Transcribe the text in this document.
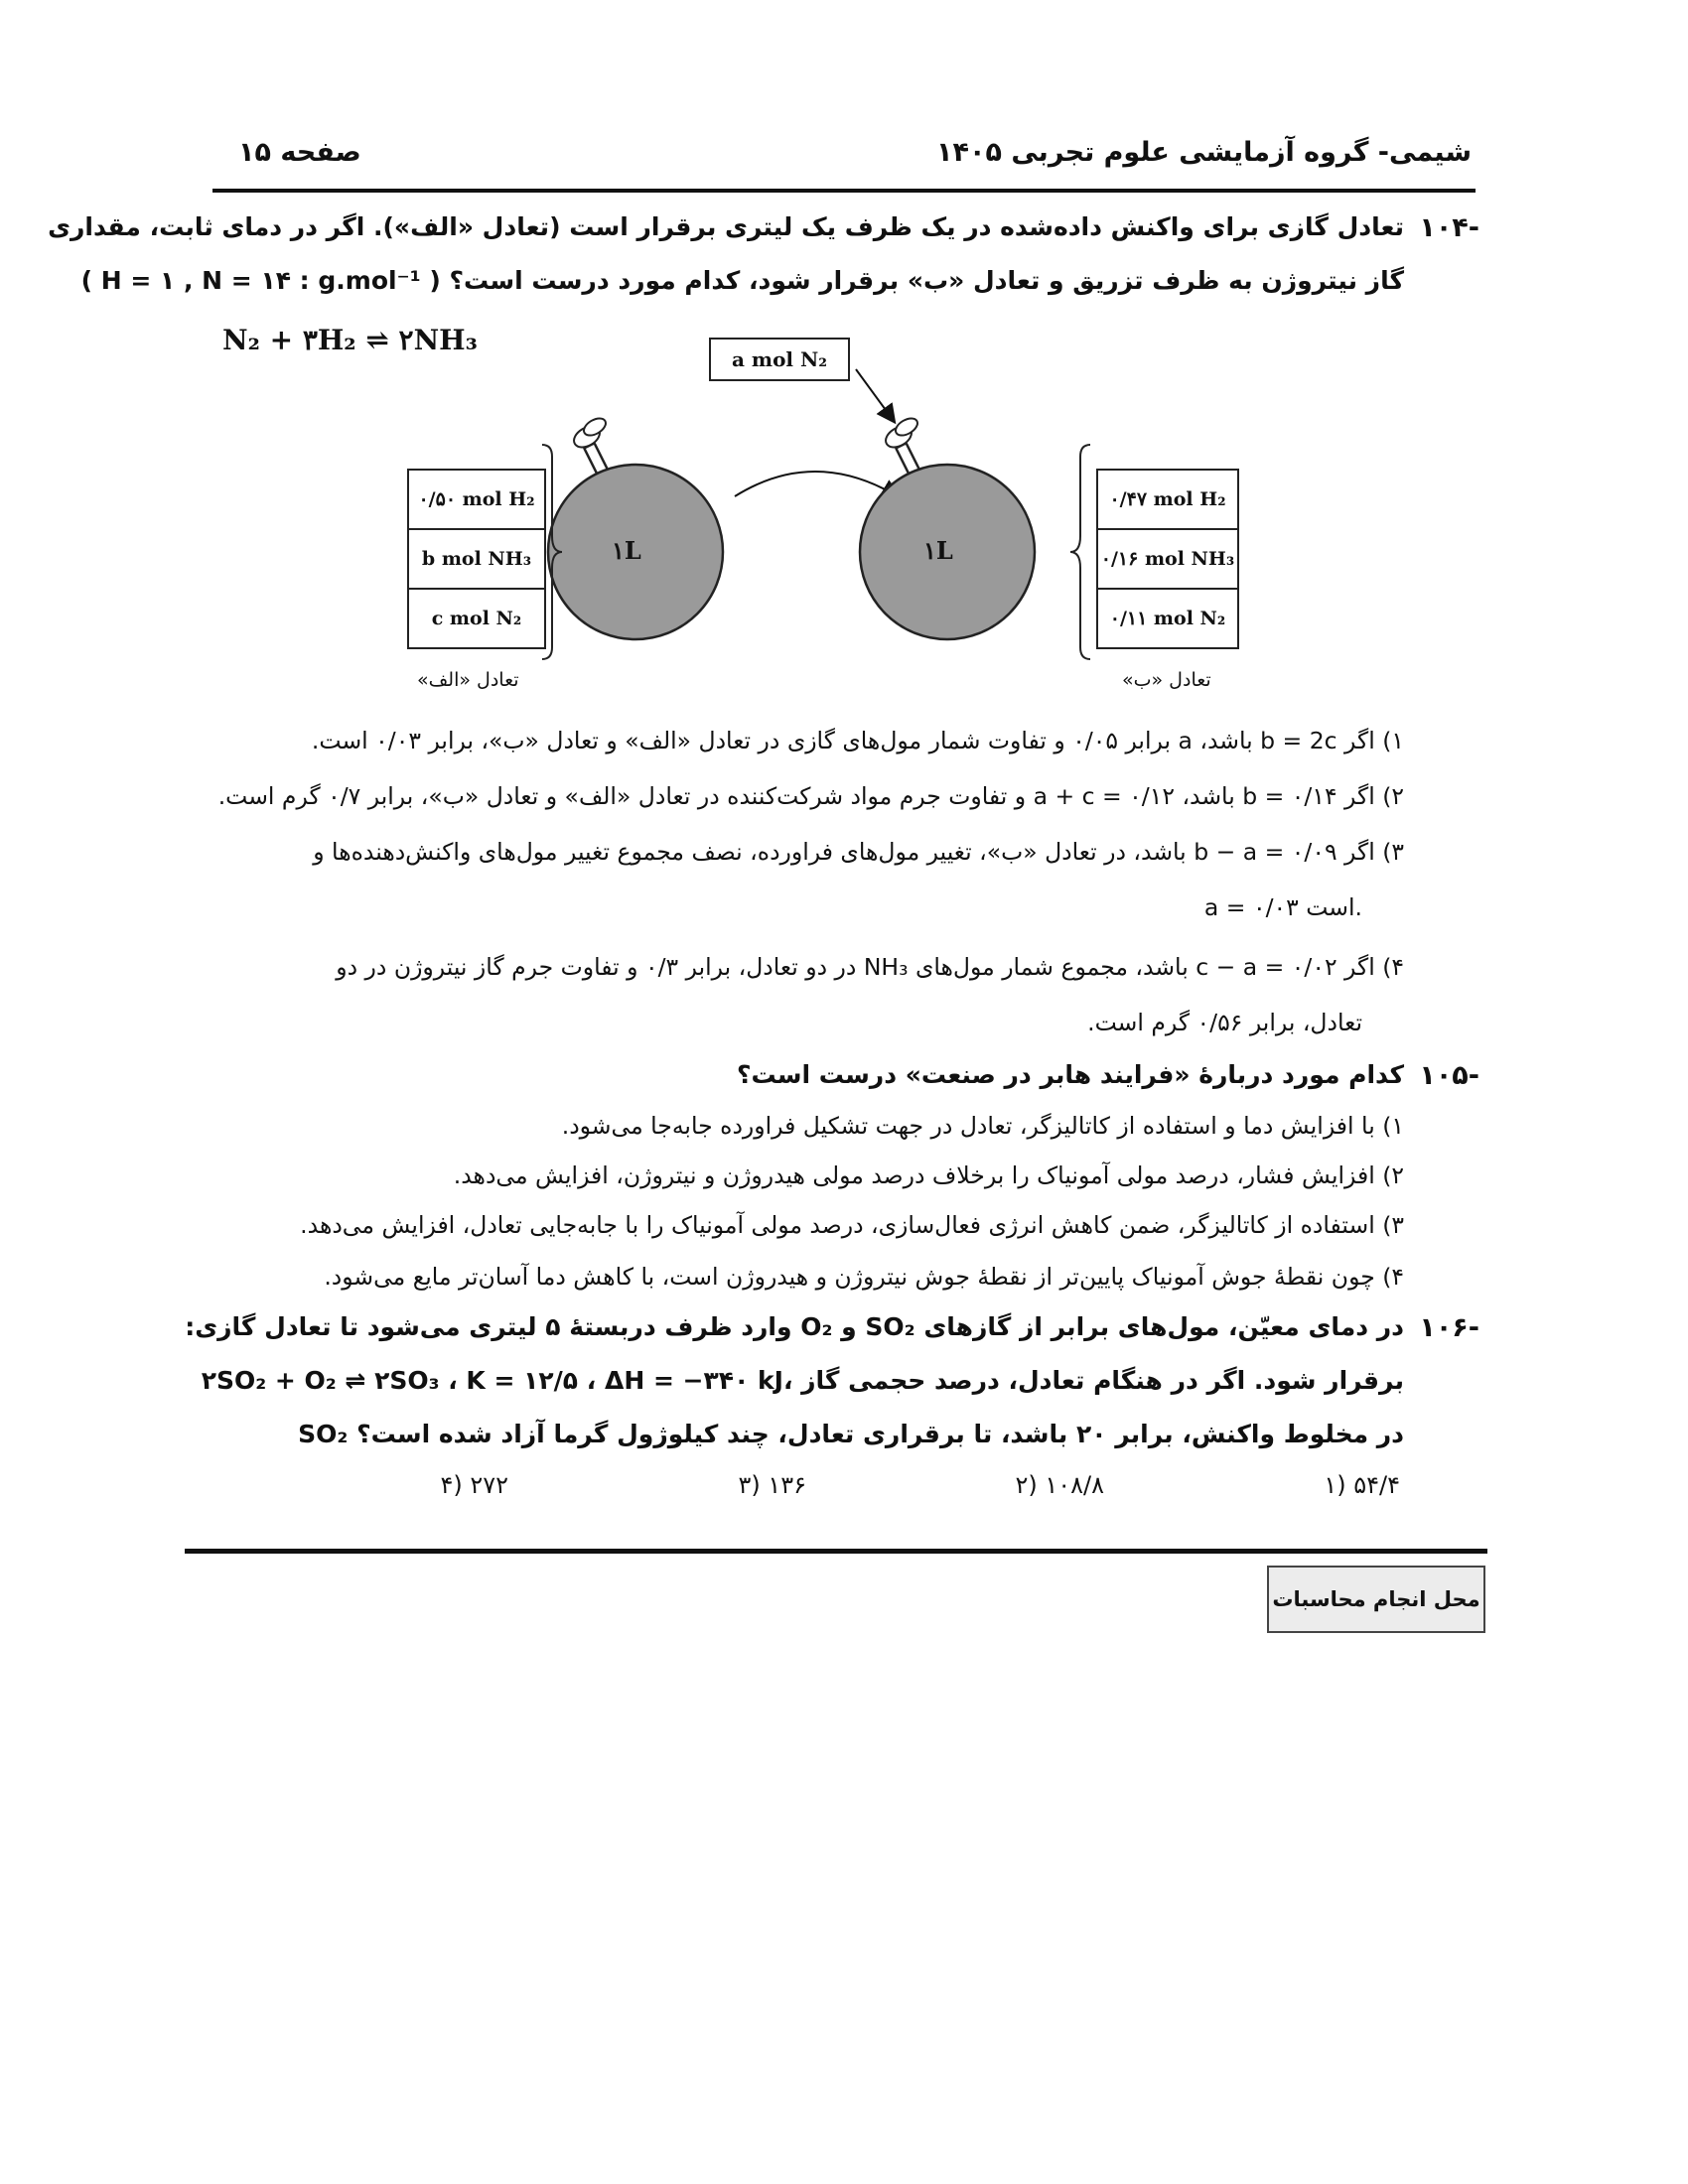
شیمی- گروه آزمایشی علوم تجربی ۱۴۰۵
صفحه ۱۵
۱۰۴-
تعادل گازی برای واکنش داده‌شده در یک ظرف یک لیتری برقرار است (تعادل «الف»). اگر در دمای ثابت، مقداری
گاز نیتروژن به ظرف تزریق و تعادل «ب» برقرار شود، کدام مورد درست است؟ ( H = ۱ , N = ۱۴ : g.mol⁻¹ )
N₂ + ۳H₂ ⇌ ۲NH₃
a mol N₂
۱L	۱L
۰/۵۰ mol H₂
b mol NH₃
c mol N₂
۰/۴۷ mol H₂
۰/۱۶ mol NH₃
۰/۱۱ mol N₂
تعادل «الف»	تعادل «ب»
۱) اگر b = 2c باشد، a برابر ۰/۰۵ و تفاوت شمار مول‌های گازی در تعادل «الف» و تعادل «ب»، برابر ۰/۰۳ است.
۲) اگر b = ۰/۱۴ باشد، a + c = ۰/۱۲ و تفاوت جرم مواد شرکت‌کننده در تعادل «الف» و تعادل «ب»، برابر ۰/۷ گرم است.
۳) اگر b − a = ۰/۰۹ باشد، در تعادل «ب»، تغییر مول‌های فراورده، نصف مجموع تغییر مول‌های واکنش‌دهنده‌ها و
a = ۰/۰۳ است.
۴) اگر c − a = ۰/۰۲ باشد، مجموع شمار مول‌های NH₃ در دو تعادل، برابر ۰/۳ و تفاوت جرم گاز نیتروژن در دو
تعادل، برابر ۰/۵۶ گرم است.
۱۰۵-
کدام مورد دربارهٔ «فرایند هابر در صنعت» درست است؟
۱) با افزایش دما و استفاده از کاتالیزگر، تعادل در جهت تشکیل فراورده جابه‌جا می‌شود.
۲) افزایش فشار، درصد مولی آمونیاک را برخلاف درصد مولی هیدروژن و نیتروژن، افزایش می‌دهد.
۳) استفاده از کاتالیزگر، ضمن کاهش انرژی فعال‌سازی، درصد مولی آمونیاک را با جابه‌جایی تعادل، افزایش می‌دهد.
۴) چون نقطهٔ جوش آمونیاک پایین‌تر از نقطهٔ جوش نیتروژن و هیدروژن است، با کاهش دما آسان‌تر مایع می‌شود.
۱۰۶-
در دمای معیّن، مول‌های برابر از گازهای SO₂ و O₂ وارد ظرف دربستهٔ ۵ لیتری می‌شود تا تعادل گازی:
۲SO₂ + O₂ ⇌ ۲SO₃ ، K = ۱۲/۵ ، ΔH = −۳۴۰ kJ، برقرار شود. اگر در هنگام تعادل، درصد حجمی گاز
SO₂ در مخلوط واکنش، برابر ۲۰ باشد، تا برقراری تعادل، چند کیلوژول گرما آزاد شده است؟
۱) ۵۴/۴
۲) ۱۰۸/۸
۳) ۱۳۶
۴) ۲۷۲
محل انجام محاسبات
